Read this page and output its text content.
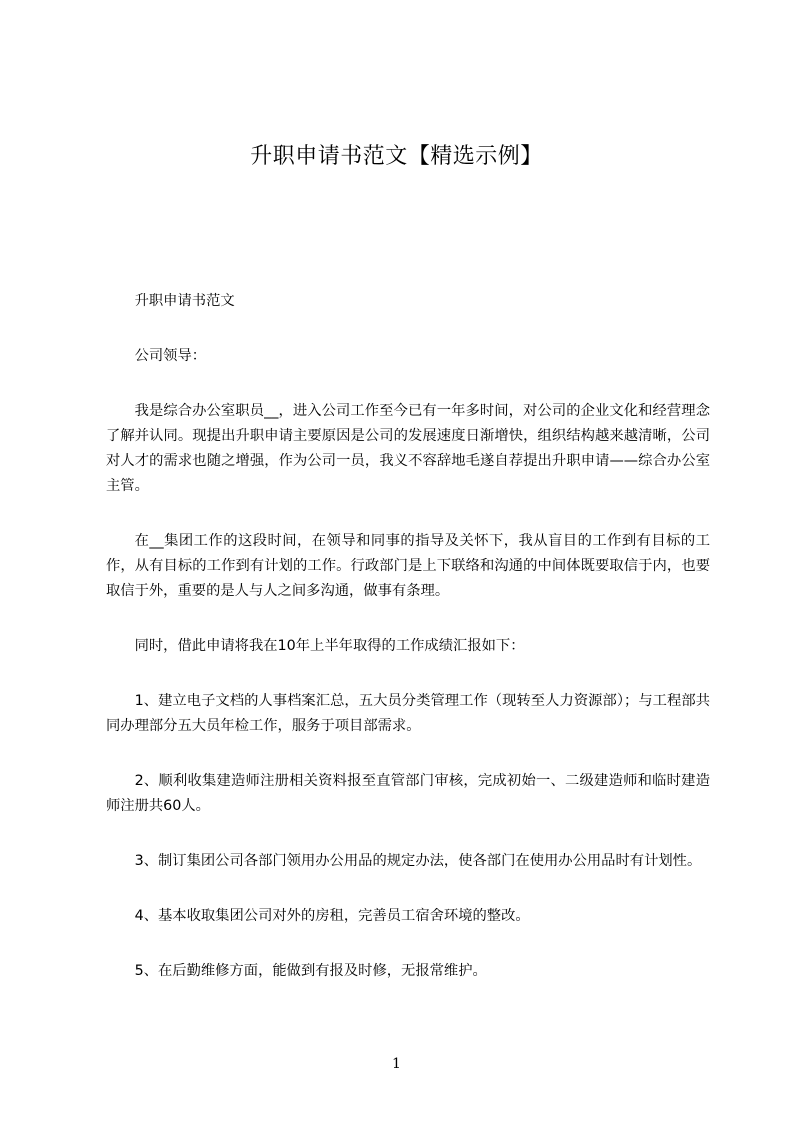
升职申请书范文【精选示例】

升职申请书范文

公司领导：

我是综合办公室职员__，进入公司工作至今已有一年多时间，对公司的企业文化和经营理念了解并认同。现提出升职申请主要原因是公司的发展速度日渐增快，组织结构越来越清晰，公司对人才的需求也随之增强，作为公司一员，我义不容辞地毛遂自荐提出升职申请——综合办公室主管。

在__集团工作的这段时间，在领导和同事的指导及关怀下，我从盲目的工作到有目标的工作，从有目标的工作到有计划的工作。行政部门是上下联络和沟通的中间体既要取信于内，也要取信于外，重要的是人与人之间多沟通，做事有条理。

同时，借此申请将我在10年上半年取得的工作成绩汇报如下：

1、建立电子文档的人事档案汇总，五大员分类管理工作（现转至人力资源部）；与工程部共同办理部分五大员年检工作，服务于项目部需求。

2、顺利收集建造师注册相关资料报至直管部门审核，完成初始一、二级建造师和临时建造师注册共60人。

3、制订集团公司各部门领用办公用品的规定办法，使各部门在使用办公用品时有计划性。

4、基本收取集团公司对外的房租，完善员工宿舍环境的整改。

5、在后勤维修方面，能做到有报及时修，无报常维护。

1
